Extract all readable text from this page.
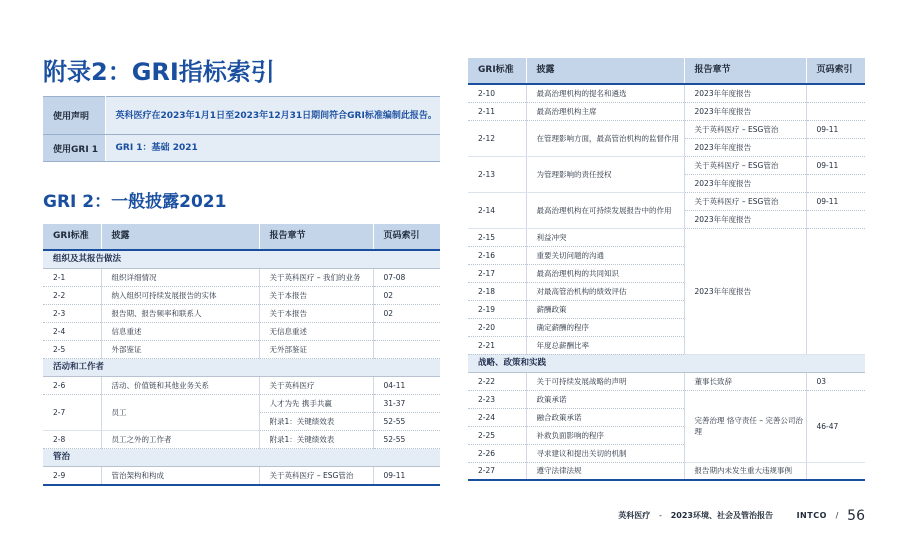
附录2：GRI指标索引
使用声明	英科医疗在2023年1月1日至2023年12月31日期间符合GRI标准编制此报告。
使用GRI 1	GRI 1：基础 2021
GRI 2：一般披露2021
GRI标准	披露	报告章节	页码索引
组织及其报告做法			
2-1	组织详细情况	关于英科医疗 – 我们的业务	07-08
2-2	纳入组织可持续发展报告的实体	关于本报告	02
2-3	报告期、报告频率和联系人	关于本报告	02
2-4	信息重述	无信息重述	
2-5	外部鉴证	无外部鉴证	
活动和工作者			
2-6	活动、价值链和其他业务关系	关于英科医疗	04-11
2-7	员工	人才为先 携手共赢	31-37
		附录1：关键绩效表	52-55
2-8	员工之外的工作者	附录1：关键绩效表	52-55
管治			
2-9	管治架构和构成	关于英科医疗 – ESG管治	09-11
GRI标准	披露	报告章节	页码索引
2-10	最高治理机构的提名和遴选	2023年年度报告	
2-11	最高治理机构主席	2023年年度报告	
2-12	在管理影响方面，最高管治机构的监督作用	关于英科医疗 – ESG管治	09-11
		2023年年度报告	
2-13	为管理影响的责任授权	关于英科医疗 – ESG管治	09-11
		2023年年度报告	
2-14	最高治理机构在可持续发展报告中的作用	关于英科医疗 – ESG管治	09-11
		2023年年度报告	
2-15	利益冲突	2023年年度报告	
2-16	重要关切问题的沟通		
2-17	最高治理机构的共同知识		
2-18	对最高管治机构的绩效评估		
2-19	薪酬政策		
2-20	确定薪酬的程序		
2-21	年度总薪酬比率		
战略、政策和实践			
2-22	关于可持续发展战略的声明	董事长致辞	03
2-23	政策承诺	完善治理 恪守责任 – 完善公司治理	46-47
2-24	融合政策承诺		
2-25	补救负面影响的程序		
2-26	寻求建议和提出关切的机制		
2-27	遵守法律法规	报告期内未发生重大违规事例	
英科医疗 - 2023环境、社会及管治报告	INTCO / 56
